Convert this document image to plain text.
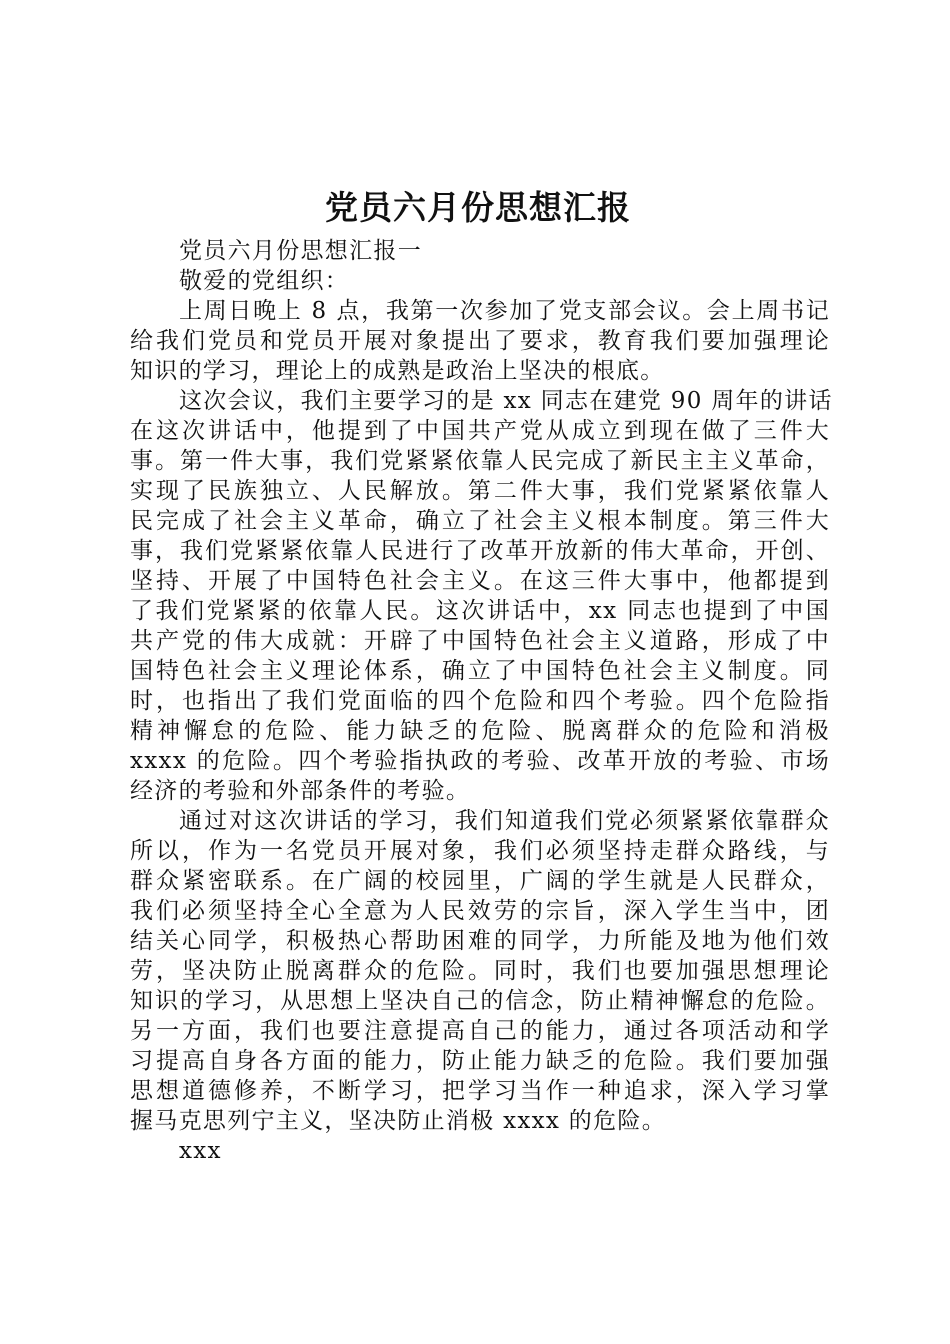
党员六月份思想汇报
党员六月份思想汇报一
敬爱的党组织：
上周日晚上 8 点，我第一次参加了党支部会议。会上周书记
给我们党员和党员开展对象提出了要求，教育我们要加强理论
知识的学习，理论上的成熟是政治上坚决的根底。
这次会议，我们主要学习的是 xx 同志在建党 90 周年的讲话
在这次讲话中，他提到了中国共产党从成立到现在做了三件大
事。第一件大事，我们党紧紧依靠人民完成了新民主主义革命，
实现了民族独立、人民解放。第二件大事，我们党紧紧依靠人
民完成了社会主义革命，确立了社会主义根本制度。第三件大
事，我们党紧紧依靠人民进行了改革开放新的伟大革命，开创、
坚持、开展了中国特色社会主义。在这三件大事中，他都提到
了我们党紧紧的依靠人民。这次讲话中，xx 同志也提到了中国
共产党的伟大成就：开辟了中国特色社会主义道路，形成了中
国特色社会主义理论体系，确立了中国特色社会主义制度。同
时，也指出了我们党面临的四个危险和四个考验。四个危险指
精神懈怠的危险、能力缺乏的危险、脱离群众的危险和消极
xxxx 的危险。四个考验指执政的考验、改革开放的考验、市场
经济的考验和外部条件的考验。
通过对这次讲话的学习，我们知道我们党必须紧紧依靠群众
所以，作为一名党员开展对象，我们必须坚持走群众路线，与
群众紧密联系。在广阔的校园里，广阔的学生就是人民群众，
我们必须坚持全心全意为人民效劳的宗旨，深入学生当中，团
结关心同学，积极热心帮助困难的同学，力所能及地为他们效
劳，坚决防止脱离群众的危险。同时，我们也要加强思想理论
知识的学习，从思想上坚决自己的信念，防止精神懈怠的危险。
另一方面，我们也要注意提高自己的能力，通过各项活动和学
习提高自身各方面的能力，防止能力缺乏的危险。我们要加强
思想道德修养，不断学习，把学习当作一种追求，深入学习掌
握马克思列宁主义，坚决防止消极 xxxx 的危险。
xxx
